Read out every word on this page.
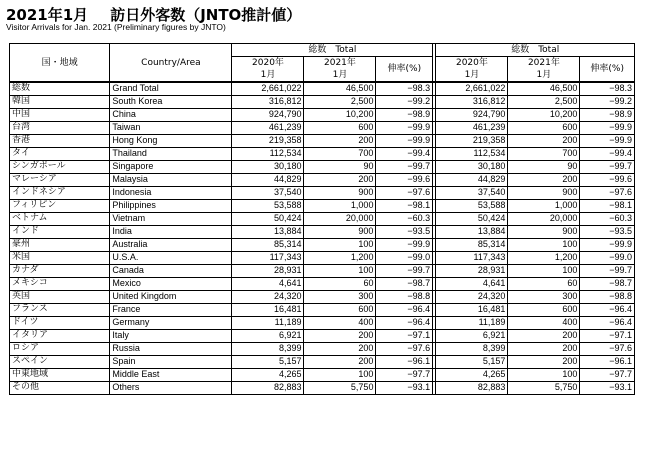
2021年1月 訪日外客数（JNTO推計値）
Visitor Arrivals for Jan. 2021 (Preliminary figures by JNTO)
国・地域	Country/Area	総数　Total				総数　Total		
		2020年	2021年	伸率(%)		2020年	2021年	伸率(%)
		1月	1月			1月	1月	
総数	Grand Total	2,661,022	46,500	−98.3		2,661,022	46,500	−98.3
韓国	South Korea	316,812	2,500	−99.2		316,812	2,500	−99.2
中国	China	924,790	10,200	−98.9		924,790	10,200	−98.9
台湾	Taiwan	461,239	600	−99.9		461,239	600	−99.9
香港	Hong Kong	219,358	200	−99.9		219,358	200	−99.9
タイ	Thailand	112,534	700	−99.4		112,534	700	−99.4
シンガポール	Singapore	30,180	90	−99.7		30,180	90	−99.7
マレーシア	Malaysia	44,829	200	−99.6		44,829	200	−99.6
インドネシア	Indonesia	37,540	900	−97.6		37,540	900	−97.6
フィリピン	Philippines	53,588	1,000	−98.1		53,588	1,000	−98.1
ベトナム	Vietnam	50,424	20,000	−60.3		50,424	20,000	−60.3
インド	India	13,884	900	−93.5		13,884	900	−93.5
豪州	Australia	85,314	100	−99.9		85,314	100	−99.9
米国	U.S.A.	117,343	1,200	−99.0		117,343	1,200	−99.0
カナダ	Canada	28,931	100	−99.7		28,931	100	−99.7
メキシコ	Mexico	4,641	60	−98.7		4,641	60	−98.7
英国	United Kingdom	24,320	300	−98.8		24,320	300	−98.8
フランス	France	16,481	600	−96.4		16,481	600	−96.4
ドイツ	Germany	11,189	400	−96.4		11,189	400	−96.4
イタリア	Italy	6,921	200	−97.1		6,921	200	−97.1
ロシア	Russia	8,399	200	−97.6		8,399	200	−97.6
スペイン	Spain	5,157	200	−96.1		5,157	200	−96.1
中東地域	Middle East	4,265	100	−97.7		4,265	100	−97.7
その他	Others	82,883	5,750	−93.1		82,883	5,750	−93.1
